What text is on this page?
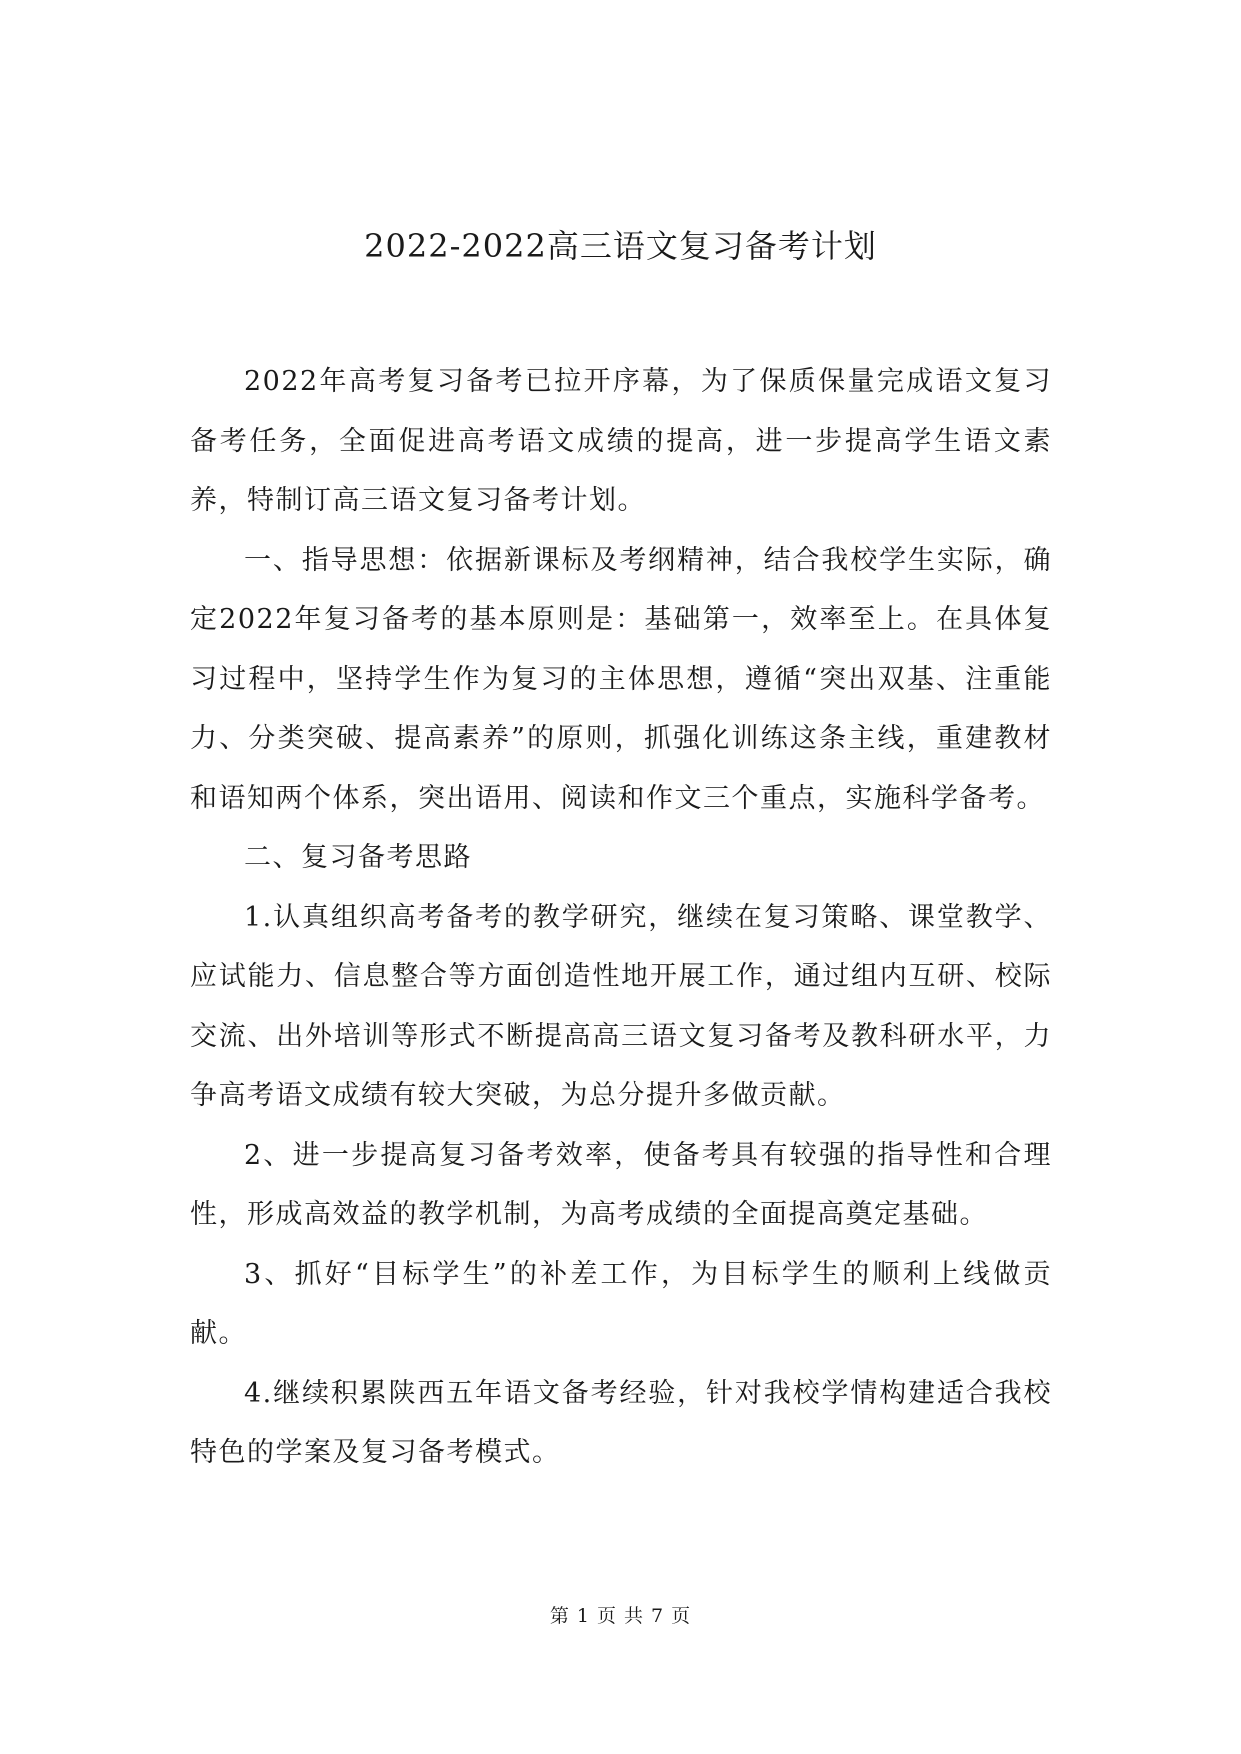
2022-2022高三语文复习备考计划

2022年高考复习备考已拉开序幕，为了保质保量完成语文复习备考任务，全面促进高考语文成绩的提高，进一步提高学生语文素养，特制订高三语文复习备考计划。

一、指导思想：依据新课标及考纲精神，结合我校学生实际，确定2022年复习备考的基本原则是：基础第一，效率至上。在具体复习过程中，坚持学生作为复习的主体思想，遵循“突出双基、注重能力、分类突破、提高素养”的原则，抓强化训练这条主线，重建教材和语知两个体系，突出语用、阅读和作文三个重点，实施科学备考。

二、复习备考思路

1.认真组织高考备考的教学研究，继续在复习策略、课堂教学、应试能力、信息整合等方面创造性地开展工作，通过组内互研、校际交流、出外培训等形式不断提高高三语文复习备考及教科研水平，力争高考语文成绩有较大突破，为总分提升多做贡献。

2、进一步提高复习备考效率，使备考具有较强的指导性和合理性，形成高效益的教学机制，为高考成绩的全面提高奠定基础。

3、抓好“目标学生”的补差工作，为目标学生的顺利上线做贡献。

4.继续积累陕西五年语文备考经验，针对我校学情构建适合我校特色的学案及复习备考模式。

第 1 页 共 7 页
